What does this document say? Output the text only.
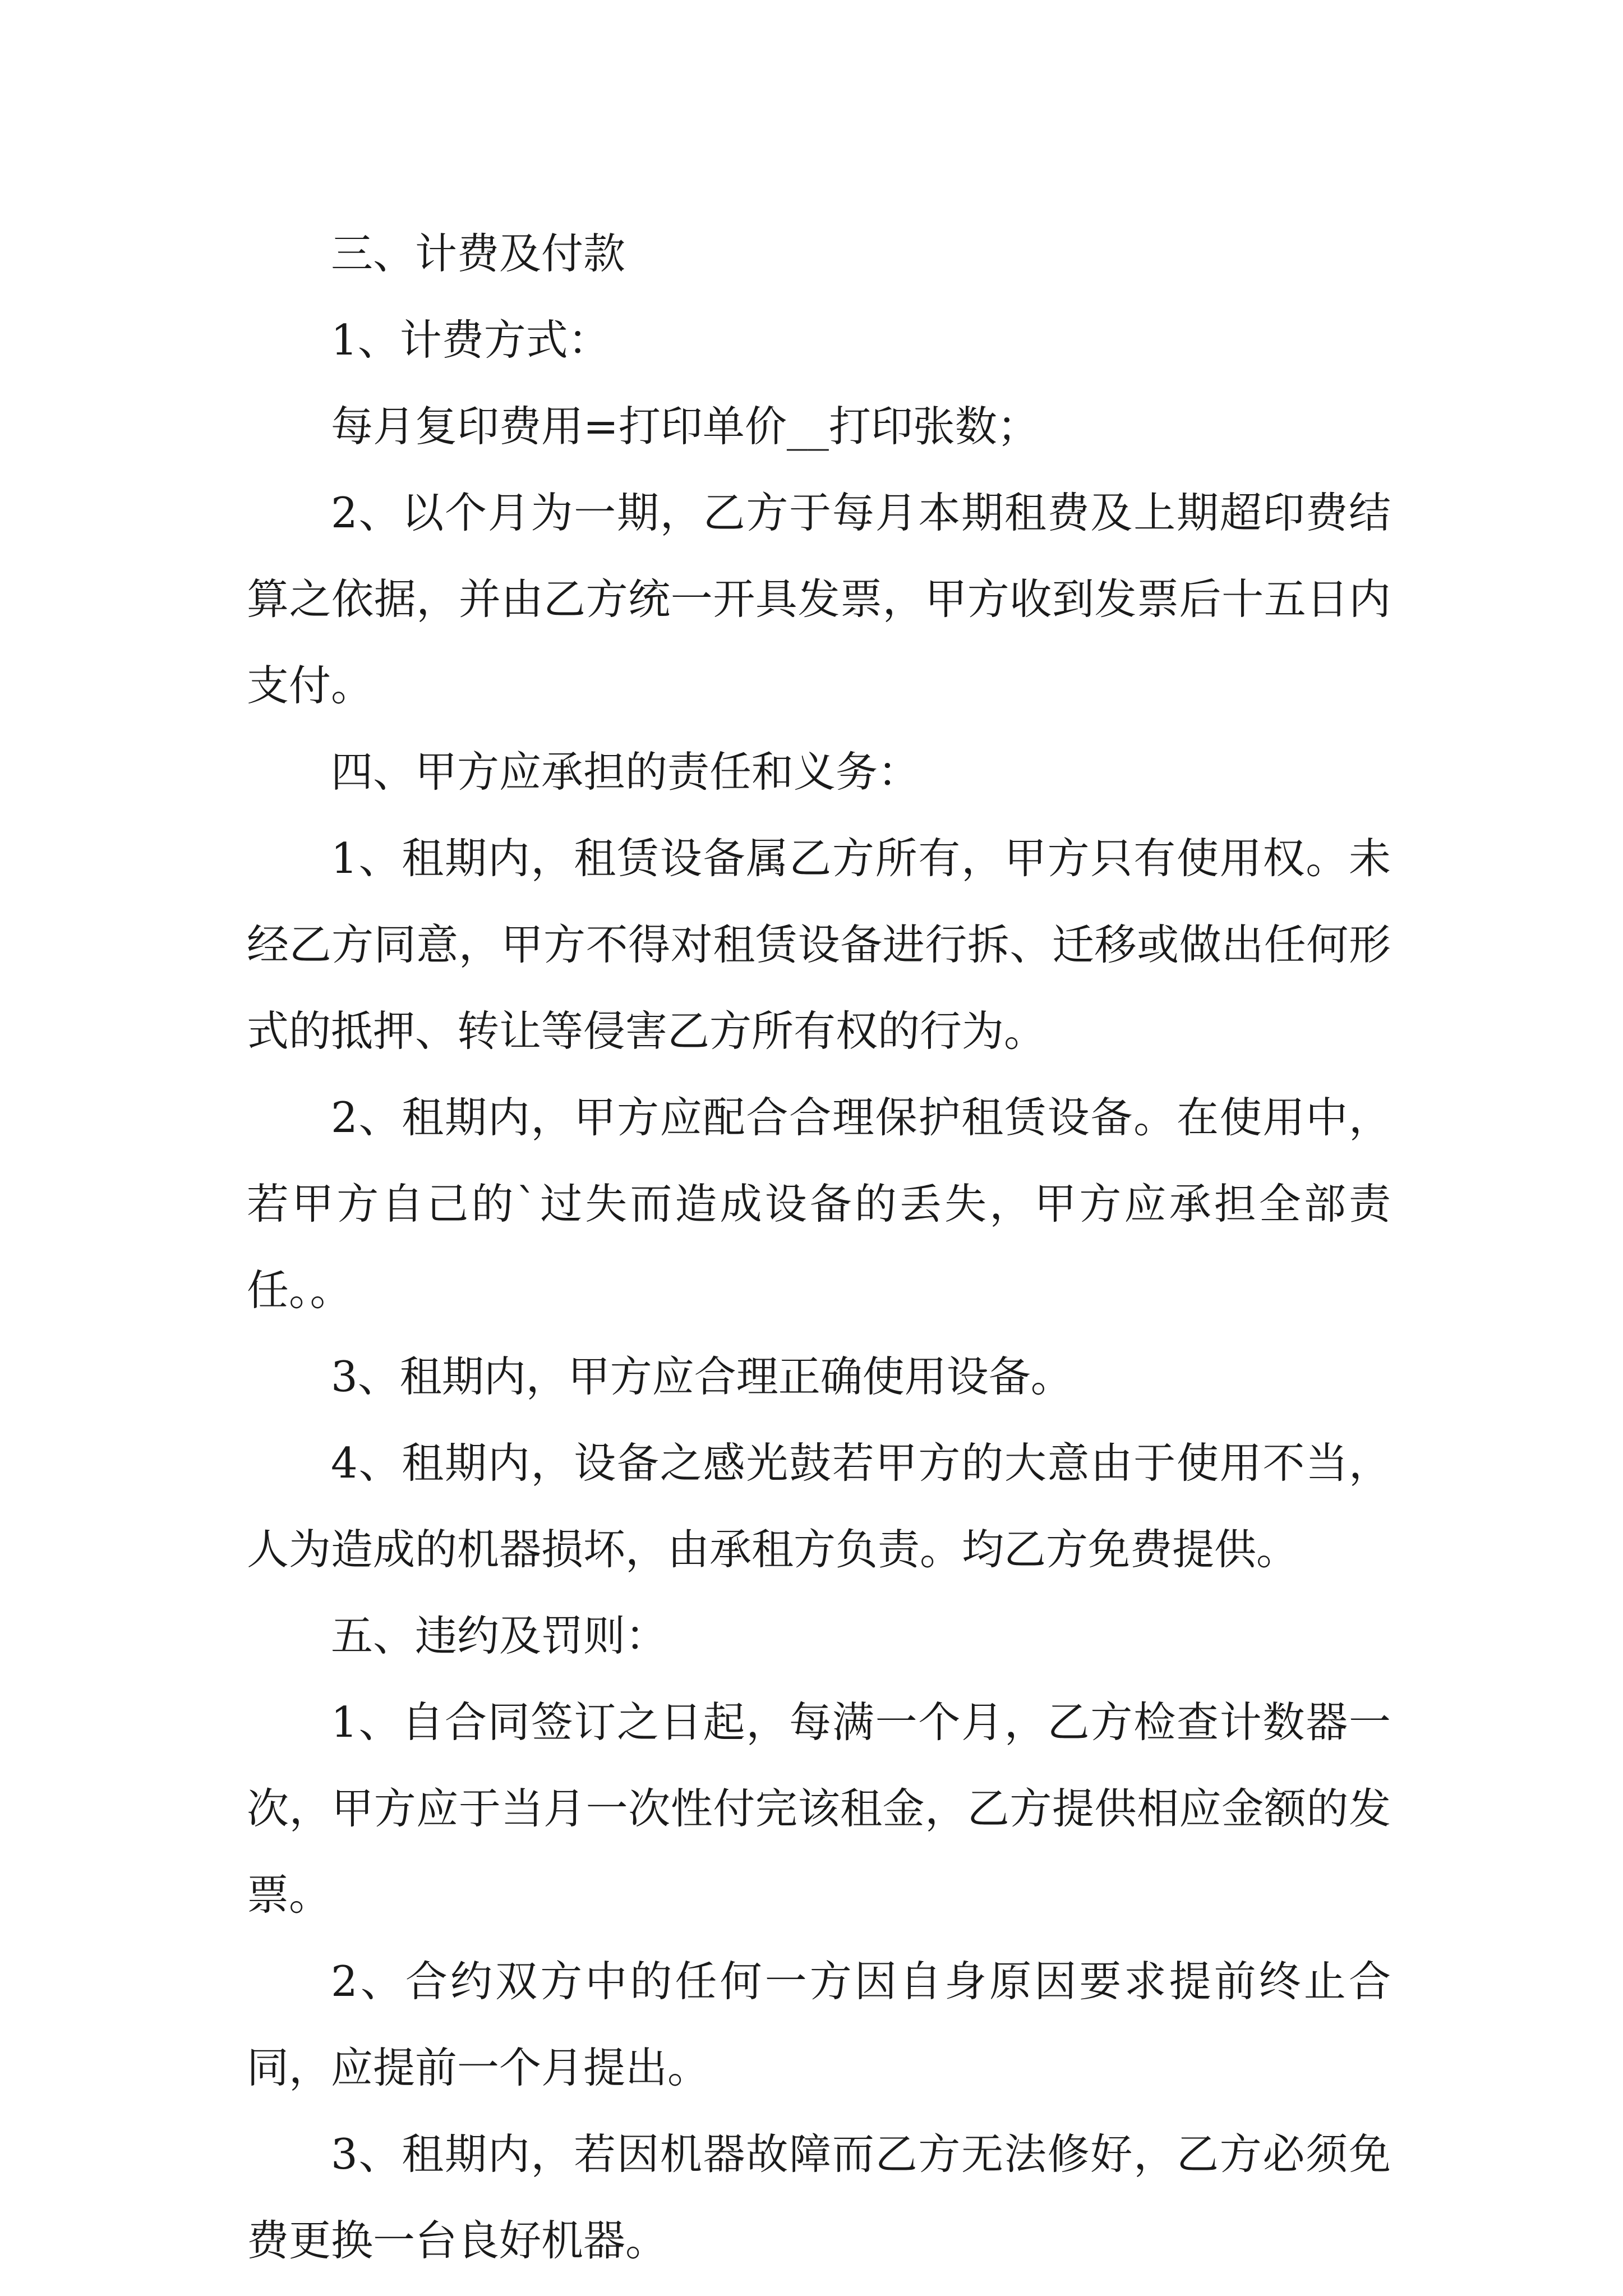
三、计费及付款

1、计费方式：

每月复印费用=打印单价__打印张数；

2、以个月为一期，乙方于每月本期租费及上期超印费结算之依据，并由乙方统一开具发票，甲方收到发票后十五日内支付。

四、甲方应承担的责任和义务：

1、租期内，租赁设备属乙方所有，甲方只有使用权。未经乙方同意，甲方不得对租赁设备进行拆、迁移或做出任何形式的抵押、转让等侵害乙方所有权的行为。

2、租期内，甲方应配合合理保护租赁设备。在使用中，若甲方自己的`过失而造成设备的丢失，甲方应承担全部责任。。

3、租期内，甲方应合理正确使用设备。

4、租期内，设备之感光鼓若甲方的大意由于使用不当，人为造成的机器损坏，由承租方负责。均乙方免费提供。

五、违约及罚则：

1、自合同签订之日起，每满一个月，乙方检查计数器一次，甲方应于当月一次性付完该租金，乙方提供相应金额的发票。

2、合约双方中的任何一方因自身原因要求提前终止合同，应提前一个月提出。

3、租期内，若因机器故障而乙方无法修好，乙方必须免费更换一台良好机器。
